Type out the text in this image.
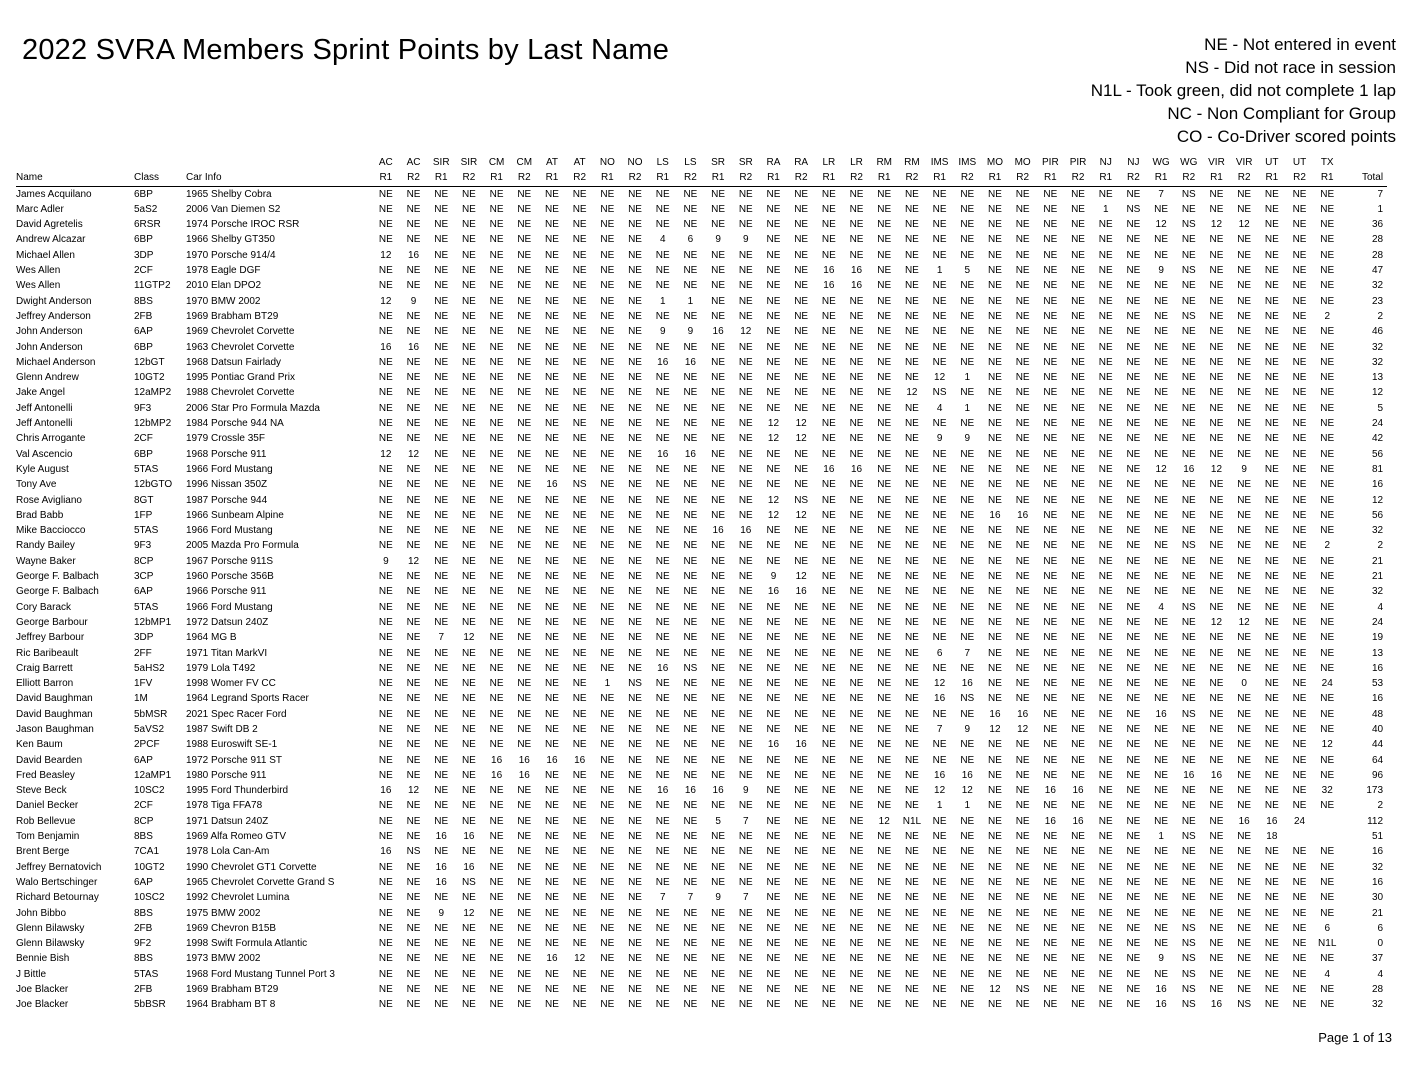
2022 SVRA Members Sprint Points by Last Name	NE - Not entered in event
NS - Did not race in session
N1L - Took green, did not complete 1 lap
NC - Non Compliant for Group
CO - Co-Driver scored points
			AC	AC	SIR	SIR	CM	CM	AT	AT	NO	NO	LS	LS	SR	SR	RA	RA	LR	LR	RM	RM	IMS	IMS	MO	MO	PIR	PIR	NJ	NJ	WG	WG	VIR	VIR	UT	UT	TX	
Name	Class	Car Info	R1	R2	R1	R2	R1	R2	R1	R2	R1	R2	R1	R2	R1	R2	R1	R2	R1	R2	R1	R2	R1	R2	R1	R2	R1	R2	R1	R2	R1	R2	R1	R2	R1	R2	R1	Total
James Acquilano	6BP	1965 Shelby Cobra	NE	NE	NE	NE	NE	NE	NE	NE	NE	NE	NE	NE	NE	NE	NE	NE	NE	NE	NE	NE	NE	NE	NE	NE	NE	NE	NE	NE	7	NS	NE	NE	NE	NE	NE	7
Marc Adler	5aS2	2006 Van Diemen S2	NE	NE	NE	NE	NE	NE	NE	NE	NE	NE	NE	NE	NE	NE	NE	NE	NE	NE	NE	NE	NE	NE	NE	NE	NE	NE	1	NS	NE	NE	NE	NE	NE	NE	NE	1
David Agretelis	6RSR	1974 Porsche IROC RSR	NE	NE	NE	NE	NE	NE	NE	NE	NE	NE	NE	NE	NE	NE	NE	NE	NE	NE	NE	NE	NE	NE	NE	NE	NE	NE	NE	NE	12	NS	12	12	NE	NE	NE	36
Andrew Alcazar	6BP	1966 Shelby GT350	NE	NE	NE	NE	NE	NE	NE	NE	NE	NE	4	6	9	9	NE	NE	NE	NE	NE	NE	NE	NE	NE	NE	NE	NE	NE	NE	NE	NE	NE	NE	NE	NE	NE	28
Michael Allen	3DP	1970 Porsche 914/4	12	16	NE	NE	NE	NE	NE	NE	NE	NE	NE	NE	NE	NE	NE	NE	NE	NE	NE	NE	NE	NE	NE	NE	NE	NE	NE	NE	NE	NE	NE	NE	NE	NE	NE	28
Wes Allen	2CF	1978 Eagle DGF	NE	NE	NE	NE	NE	NE	NE	NE	NE	NE	NE	NE	NE	NE	NE	NE	16	16	NE	NE	1	5	NE	NE	NE	NE	NE	NE	9	NS	NE	NE	NE	NE	NE	47
Wes Allen	11GTP2	2010 Elan DPO2	NE	NE	NE	NE	NE	NE	NE	NE	NE	NE	NE	NE	NE	NE	NE	NE	16	16	NE	NE	NE	NE	NE	NE	NE	NE	NE	NE	NE	NE	NE	NE	NE	NE	NE	32
Dwight Anderson	8BS	1970 BMW 2002	12	9	NE	NE	NE	NE	NE	NE	NE	NE	1	1	NE	NE	NE	NE	NE	NE	NE	NE	NE	NE	NE	NE	NE	NE	NE	NE	NE	NE	NE	NE	NE	NE	NE	23
Jeffrey Anderson	2FB	1969 Brabham BT29	NE	NE	NE	NE	NE	NE	NE	NE	NE	NE	NE	NE	NE	NE	NE	NE	NE	NE	NE	NE	NE	NE	NE	NE	NE	NE	NE	NE	NE	NS	NE	NE	NE	NE	2	2
John Anderson	6AP	1969 Chevrolet Corvette	NE	NE	NE	NE	NE	NE	NE	NE	NE	NE	9	9	16	12	NE	NE	NE	NE	NE	NE	NE	NE	NE	NE	NE	NE	NE	NE	NE	NE	NE	NE	NE	NE	NE	46
John Anderson	6BP	1963 Chevrolet Corvette	16	16	NE	NE	NE	NE	NE	NE	NE	NE	NE	NE	NE	NE	NE	NE	NE	NE	NE	NE	NE	NE	NE	NE	NE	NE	NE	NE	NE	NE	NE	NE	NE	NE	NE	32
Michael Anderson	12bGT	1968 Datsun Fairlady	NE	NE	NE	NE	NE	NE	NE	NE	NE	NE	16	16	NE	NE	NE	NE	NE	NE	NE	NE	NE	NE	NE	NE	NE	NE	NE	NE	NE	NE	NE	NE	NE	NE	NE	32
Glenn Andrew	10GT2	1995 Pontiac Grand Prix	NE	NE	NE	NE	NE	NE	NE	NE	NE	NE	NE	NE	NE	NE	NE	NE	NE	NE	NE	NE	12	1	NE	NE	NE	NE	NE	NE	NE	NE	NE	NE	NE	NE	NE	13
Jake Angel	12aMP2	1988 Chevrolet Corvette	NE	NE	NE	NE	NE	NE	NE	NE	NE	NE	NE	NE	NE	NE	NE	NE	NE	NE	NE	12	NS	NE	NE	NE	NE	NE	NE	NE	NE	NE	NE	NE	NE	NE	NE	12
Jeff Antonelli	9F3	2006 Star Pro Formula Mazda	NE	NE	NE	NE	NE	NE	NE	NE	NE	NE	NE	NE	NE	NE	NE	NE	NE	NE	NE	NE	4	1	NE	NE	NE	NE	NE	NE	NE	NE	NE	NE	NE	NE	NE	5
Jeff Antonelli	12bMP2	1984 Porsche 944 NA	NE	NE	NE	NE	NE	NE	NE	NE	NE	NE	NE	NE	NE	NE	12	12	NE	NE	NE	NE	NE	NE	NE	NE	NE	NE	NE	NE	NE	NE	NE	NE	NE	NE	NE	24
Chris Arrogante	2CF	1979 Crossle 35F	NE	NE	NE	NE	NE	NE	NE	NE	NE	NE	NE	NE	NE	NE	12	12	NE	NE	NE	NE	9	9	NE	NE	NE	NE	NE	NE	NE	NE	NE	NE	NE	NE	NE	42
Val Ascencio	6BP	1968 Porsche 911	12	12	NE	NE	NE	NE	NE	NE	NE	NE	16	16	NE	NE	NE	NE	NE	NE	NE	NE	NE	NE	NE	NE	NE	NE	NE	NE	NE	NE	NE	NE	NE	NE	NE	56
Kyle August	5TAS	1966 Ford Mustang	NE	NE	NE	NE	NE	NE	NE	NE	NE	NE	NE	NE	NE	NE	NE	NE	16	16	NE	NE	NE	NE	NE	NE	NE	NE	NE	NE	12	16	12	9	NE	NE	NE	81
Tony Ave	12bGTO	1996 Nissan 350Z	NE	NE	NE	NE	NE	NE	16	NS	NE	NE	NE	NE	NE	NE	NE	NE	NE	NE	NE	NE	NE	NE	NE	NE	NE	NE	NE	NE	NE	NE	NE	NE	NE	NE	NE	16
Rose Avigliano	8GT	1987 Porsche 944	NE	NE	NE	NE	NE	NE	NE	NE	NE	NE	NE	NE	NE	NE	12	NS	NE	NE	NE	NE	NE	NE	NE	NE	NE	NE	NE	NE	NE	NE	NE	NE	NE	NE	NE	12
Brad Babb	1FP	1966 Sunbeam Alpine	NE	NE	NE	NE	NE	NE	NE	NE	NE	NE	NE	NE	NE	NE	12	12	NE	NE	NE	NE	NE	NE	16	16	NE	NE	NE	NE	NE	NE	NE	NE	NE	NE	NE	56
Mike Bacciocco	5TAS	1966 Ford Mustang	NE	NE	NE	NE	NE	NE	NE	NE	NE	NE	NE	NE	16	16	NE	NE	NE	NE	NE	NE	NE	NE	NE	NE	NE	NE	NE	NE	NE	NE	NE	NE	NE	NE	NE	32
Randy Bailey	9F3	2005 Mazda Pro Formula	NE	NE	NE	NE	NE	NE	NE	NE	NE	NE	NE	NE	NE	NE	NE	NE	NE	NE	NE	NE	NE	NE	NE	NE	NE	NE	NE	NE	NE	NS	NE	NE	NE	NE	2	2
Wayne Baker	8CP	1967 Porsche 911S	9	12	NE	NE	NE	NE	NE	NE	NE	NE	NE	NE	NE	NE	NE	NE	NE	NE	NE	NE	NE	NE	NE	NE	NE	NE	NE	NE	NE	NE	NE	NE	NE	NE	NE	21
George F. Balbach	3CP	1960 Porsche 356B	NE	NE	NE	NE	NE	NE	NE	NE	NE	NE	NE	NE	NE	NE	9	12	NE	NE	NE	NE	NE	NE	NE	NE	NE	NE	NE	NE	NE	NE	NE	NE	NE	NE	NE	21
George F. Balbach	6AP	1966 Porsche 911	NE	NE	NE	NE	NE	NE	NE	NE	NE	NE	NE	NE	NE	NE	16	16	NE	NE	NE	NE	NE	NE	NE	NE	NE	NE	NE	NE	NE	NE	NE	NE	NE	NE	NE	32
Cory Barack	5TAS	1966 Ford Mustang	NE	NE	NE	NE	NE	NE	NE	NE	NE	NE	NE	NE	NE	NE	NE	NE	NE	NE	NE	NE	NE	NE	NE	NE	NE	NE	NE	NE	4	NS	NE	NE	NE	NE	NE	4
George Barbour	12bMP1	1972 Datsun 240Z	NE	NE	NE	NE	NE	NE	NE	NE	NE	NE	NE	NE	NE	NE	NE	NE	NE	NE	NE	NE	NE	NE	NE	NE	NE	NE	NE	NE	NE	NE	12	12	NE	NE	NE	24
Jeffrey Barbour	3DP	1964 MG B	NE	NE	7	12	NE	NE	NE	NE	NE	NE	NE	NE	NE	NE	NE	NE	NE	NE	NE	NE	NE	NE	NE	NE	NE	NE	NE	NE	NE	NE	NE	NE	NE	NE	NE	19
Ric Baribeault	2FF	1971 Titan MarkVI	NE	NE	NE	NE	NE	NE	NE	NE	NE	NE	NE	NE	NE	NE	NE	NE	NE	NE	NE	NE	6	7	NE	NE	NE	NE	NE	NE	NE	NE	NE	NE	NE	NE	NE	13
Craig Barrett	5aHS2	1979 Lola T492	NE	NE	NE	NE	NE	NE	NE	NE	NE	NE	16	NS	NE	NE	NE	NE	NE	NE	NE	NE	NE	NE	NE	NE	NE	NE	NE	NE	NE	NE	NE	NE	NE	NE	NE	16
Elliott Barron	1FV	1998 Womer FV CC	NE	NE	NE	NE	NE	NE	NE	NE	1	NS	NE	NE	NE	NE	NE	NE	NE	NE	NE	NE	12	16	NE	NE	NE	NE	NE	NE	NE	NE	NE	0	NE	NE	24	53
David Baughman	1M	1964 Legrand Sports Racer	NE	NE	NE	NE	NE	NE	NE	NE	NE	NE	NE	NE	NE	NE	NE	NE	NE	NE	NE	NE	16	NS	NE	NE	NE	NE	NE	NE	NE	NE	NE	NE	NE	NE	NE	16
David Baughman	5bMSR	2021 Spec Racer Ford	NE	NE	NE	NE	NE	NE	NE	NE	NE	NE	NE	NE	NE	NE	NE	NE	NE	NE	NE	NE	NE	NE	16	16	NE	NE	NE	NE	16	NS	NE	NE	NE	NE	NE	48
Jason Baughman	5aVS2	1987 Swift DB 2	NE	NE	NE	NE	NE	NE	NE	NE	NE	NE	NE	NE	NE	NE	NE	NE	NE	NE	NE	NE	7	9	12	12	NE	NE	NE	NE	NE	NE	NE	NE	NE	NE	NE	40
Ken Baum	2PCF	1988 Euroswift SE-1	NE	NE	NE	NE	NE	NE	NE	NE	NE	NE	NE	NE	NE	NE	16	16	NE	NE	NE	NE	NE	NE	NE	NE	NE	NE	NE	NE	NE	NE	NE	NE	NE	NE	12	44
David Bearden	6AP	1972 Porsche 911 ST	NE	NE	NE	NE	16	16	16	16	NE	NE	NE	NE	NE	NE	NE	NE	NE	NE	NE	NE	NE	NE	NE	NE	NE	NE	NE	NE	NE	NE	NE	NE	NE	NE	NE	64
Fred Beasley	12aMP1	1980 Porsche 911	NE	NE	NE	NE	16	16	NE	NE	NE	NE	NE	NE	NE	NE	NE	NE	NE	NE	NE	NE	16	16	NE	NE	NE	NE	NE	NE	NE	16	16	NE	NE	NE	NE	96
Steve Beck	10SC2	1995 Ford Thunderbird	16	12	NE	NE	NE	NE	NE	NE	NE	NE	16	16	16	9	NE	NE	NE	NE	NE	NE	12	12	NE	NE	16	16	NE	NE	NE	NE	NE	NE	NE	NE	32	173
Daniel Becker	2CF	1978 Tiga FFA78	NE	NE	NE	NE	NE	NE	NE	NE	NE	NE	NE	NE	NE	NE	NE	NE	NE	NE	NE	NE	1	1	NE	NE	NE	NE	NE	NE	NE	NE	NE	NE	NE	NE	NE	2
Rob Bellevue	8CP	1971 Datsun 240Z	NE	NE	NE	NE	NE	NE	NE	NE	NE	NE	NE	NE	5	7	NE	NE	NE	NE	12	N1L	NE	NE	NE	NE	16	16	NE	NE	NE	NE	NE	16	16	24		112
Tom Benjamin	8BS	1969 Alfa Romeo GTV	NE	NE	16	16	NE	NE	NE	NE	NE	NE	NE	NE	NE	NE	NE	NE	NE	NE	NE	NE	NE	NE	NE	NE	NE	NE	NE	NE	1	NS	NE	NE	18			51
Brent Berge	7CA1	1978 Lola Can-Am	16	NS	NE	NE	NE	NE	NE	NE	NE	NE	NE	NE	NE	NE	NE	NE	NE	NE	NE	NE	NE	NE	NE	NE	NE	NE	NE	NE	NE	NE	NE	NE	NE	NE	NE	16
Jeffrey Bernatovich	10GT2	1990 Chevrolet GT1 Corvette	NE	NE	16	16	NE	NE	NE	NE	NE	NE	NE	NE	NE	NE	NE	NE	NE	NE	NE	NE	NE	NE	NE	NE	NE	NE	NE	NE	NE	NE	NE	NE	NE	NE	NE	32
Walo Bertschinger	6AP	1965 Chevrolet Corvette Grand S	NE	NE	16	NS	NE	NE	NE	NE	NE	NE	NE	NE	NE	NE	NE	NE	NE	NE	NE	NE	NE	NE	NE	NE	NE	NE	NE	NE	NE	NE	NE	NE	NE	NE	NE	16
Richard Betournay	10SC2	1992 Chevrolet Lumina	NE	NE	NE	NE	NE	NE	NE	NE	NE	NE	7	7	9	7	NE	NE	NE	NE	NE	NE	NE	NE	NE	NE	NE	NE	NE	NE	NE	NE	NE	NE	NE	NE	NE	30
John Bibbo	8BS	1975 BMW 2002	NE	NE	9	12	NE	NE	NE	NE	NE	NE	NE	NE	NE	NE	NE	NE	NE	NE	NE	NE	NE	NE	NE	NE	NE	NE	NE	NE	NE	NE	NE	NE	NE	NE	NE	21
Glenn Bilawsky	2FB	1969 Chevron B15B	NE	NE	NE	NE	NE	NE	NE	NE	NE	NE	NE	NE	NE	NE	NE	NE	NE	NE	NE	NE	NE	NE	NE	NE	NE	NE	NE	NE	NE	NS	NE	NE	NE	NE	6	6
Glenn Bilawsky	9F2	1998 Swift Formula Atlantic	NE	NE	NE	NE	NE	NE	NE	NE	NE	NE	NE	NE	NE	NE	NE	NE	NE	NE	NE	NE	NE	NE	NE	NE	NE	NE	NE	NE	NE	NS	NE	NE	NE	NE	N1L	0
Bennie Bish	8BS	1973 BMW 2002	NE	NE	NE	NE	NE	NE	16	12	NE	NE	NE	NE	NE	NE	NE	NE	NE	NE	NE	NE	NE	NE	NE	NE	NE	NE	NE	NE	9	NS	NE	NE	NE	NE	NE	37
J Bittle	5TAS	1968 Ford Mustang Tunnel Port 3	NE	NE	NE	NE	NE	NE	NE	NE	NE	NE	NE	NE	NE	NE	NE	NE	NE	NE	NE	NE	NE	NE	NE	NE	NE	NE	NE	NE	NE	NS	NE	NE	NE	NE	4	4
Joe Blacker	2FB	1969 Brabham BT29	NE	NE	NE	NE	NE	NE	NE	NE	NE	NE	NE	NE	NE	NE	NE	NE	NE	NE	NE	NE	NE	NE	12	NS	NE	NE	NE	NE	16	NS	NE	NE	NE	NE	NE	28
Joe Blacker	5bBSR	1964 Brabham BT 8	NE	NE	NE	NE	NE	NE	NE	NE	NE	NE	NE	NE	NE	NE	NE	NE	NE	NE	NE	NE	NE	NE	NE	NE	NE	NE	NE	NE	16	NS	16	NS	NE	NE	NE	32
Page 1 of 13
